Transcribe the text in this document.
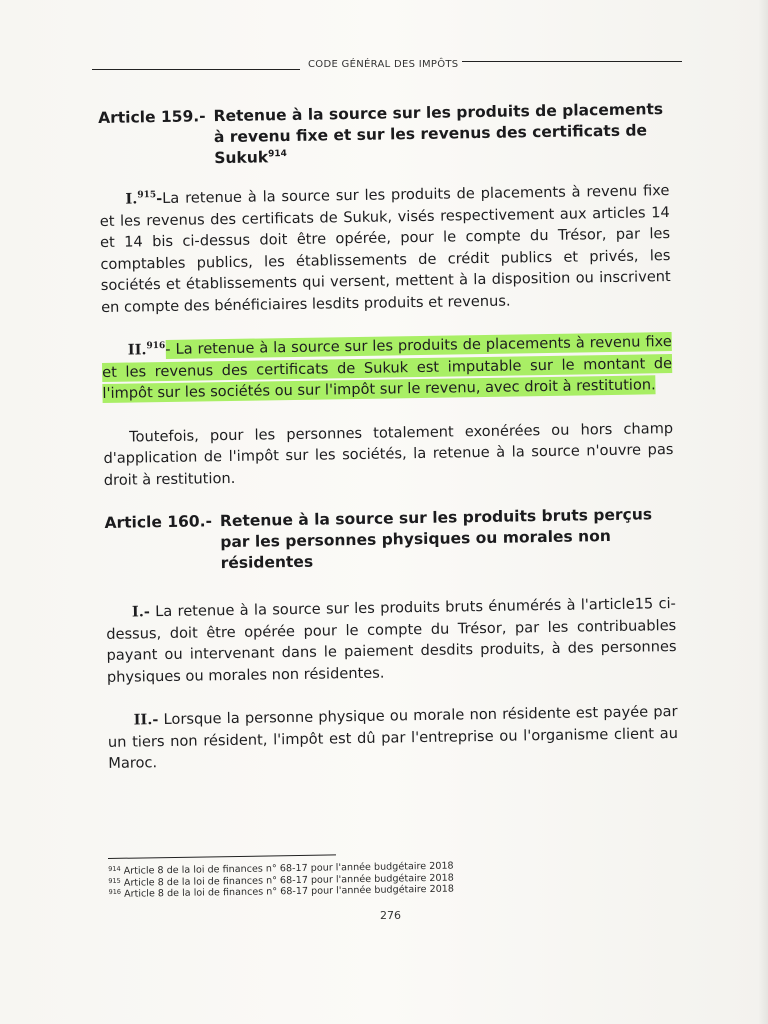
CODE GÉNÉRAL DES IMPÔTS
Article 159.- Retenue à la source sur les produits de placements à revenu fixe et sur les revenus des certificats de Sukuk$^{914}$

I.$^{915}$-La retenue à la source sur les produits de placements à revenu fixe et les revenus des certificats de Sukuk, visés respectivement aux articles 14 et 14 bis ci-dessus doit être opérée, pour le compte du Trésor, par les comptables publics, les établissements de crédit publics et privés, les sociétés et établissements qui versent, mettent à la disposition ou inscrivent en compte des bénéficiaires lesdits produits et revenus.

II.$^{916}$- La retenue à la source sur les produits de placements à revenu fixe et les revenus des certificats de Sukuk est imputable sur le montant de l'impôt sur les sociétés ou sur l'impôt sur le revenu, avec droit à restitution.

Toutefois, pour les personnes totalement exonérées ou hors champ d'application de l'impôt sur les sociétés, la retenue à la source n'ouvre pas droit à restitution.

Article 160.- Retenue à la source sur les produits bruts perçus par les personnes physiques ou morales non résidentes

I.- La retenue à la source sur les produits bruts énumérés à l'article15 ci-dessus, doit être opérée pour le compte du Trésor, par les contribuables payant ou intervenant dans le paiement desdits produits, à des personnes physiques ou morales non résidentes.

II.- Lorsque la personne physique ou morale non résidente est payée par un tiers non résident, l'impôt est dû par l'entreprise ou l'organisme client au Maroc.

$^{914}$ Article 8 de la loi de finances n° 68-17 pour l'année budgétaire 2018
$^{915}$ Article 8 de la loi de finances n° 68-17 pour l'année budgétaire 2018
$^{916}$ Article 8 de la loi de finances n° 68-17 pour l'année budgétaire 2018
276
